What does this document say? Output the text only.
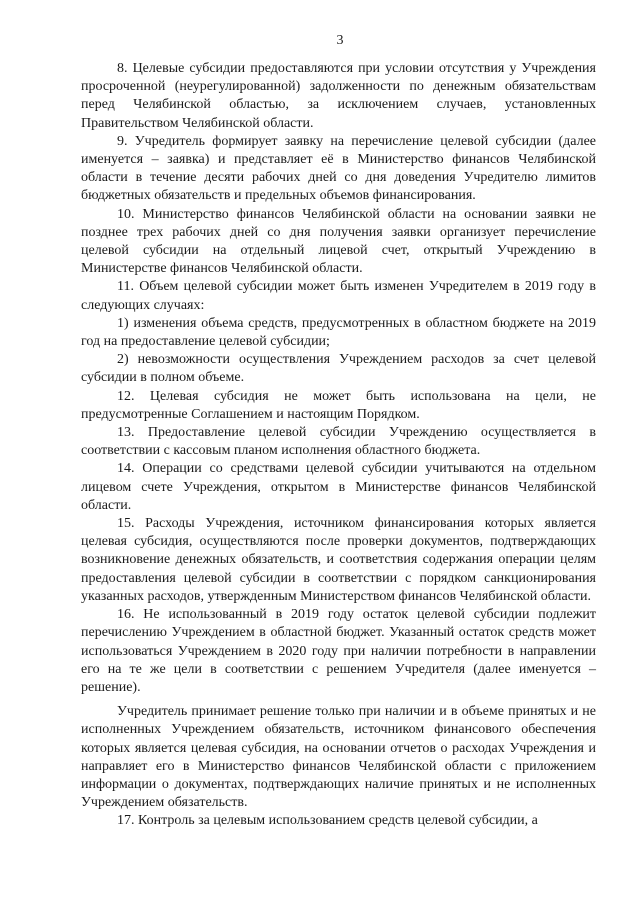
3

8. Целевые субсидии предоставляются при условии отсутствия у Учреждения просроченной (неурегулированной) задолженности по денежным обязательствам перед Челябинской областью, за исключением случаев, установленных Правительством Челябинской области.

9. Учредитель формирует заявку на перечисление целевой субсидии (далее именуется – заявка) и представляет её в Министерство финансов Челябинской области в течение десяти рабочих дней со дня доведения Учредителю лимитов бюджетных обязательств и предельных объемов финансирования.

10. Министерство финансов Челябинской области на основании заявки не позднее трех рабочих дней со дня получения заявки организует перечисление целевой субсидии на отдельный лицевой счет, открытый Учреждению в Министерстве финансов Челябинской области.

11. Объем целевой субсидии может быть изменен Учредителем в 2019 году в следующих случаях:

1) изменения объема средств, предусмотренных в областном бюджете на 2019 год на предоставление целевой субсидии;

2) невозможности осуществления Учреждением расходов за счет целевой субсидии в полном объеме.

12. Целевая субсидия не может быть использована на цели, не предусмотренные Соглашением и настоящим Порядком.

13. Предоставление целевой субсидии Учреждению осуществляется в соответствии с кассовым планом исполнения областного бюджета.

14. Операции со средствами целевой субсидии учитываются на отдельном лицевом счете Учреждения, открытом в Министерстве финансов Челябинской области.

15. Расходы Учреждения, источником финансирования которых является целевая субсидия, осуществляются после проверки документов, подтверждающих возникновение денежных обязательств, и соответствия содержания операции целям предоставления целевой субсидии в соответствии с порядком санкционирования указанных расходов, утвержденным Министерством финансов Челябинской области.

16. Не использованный в 2019 году остаток целевой субсидии подлежит перечислению Учреждением в областной бюджет. Указанный остаток средств может использоваться Учреждением в 2020 году при наличии потребности в направлении его на те же цели в соответствии с решением Учредителя (далее именуется – решение).

Учредитель принимает решение только при наличии и в объеме принятых и не исполненных Учреждением обязательств, источником финансового обеспечения которых является целевая субсидия, на основании отчетов о расходах Учреждения и направляет его в Министерство финансов Челябинской области с приложением информации о документах, подтверждающих наличие принятых и не исполненных Учреждением обязательств.

17. Контроль за целевым использованием средств целевой субсидии, а
